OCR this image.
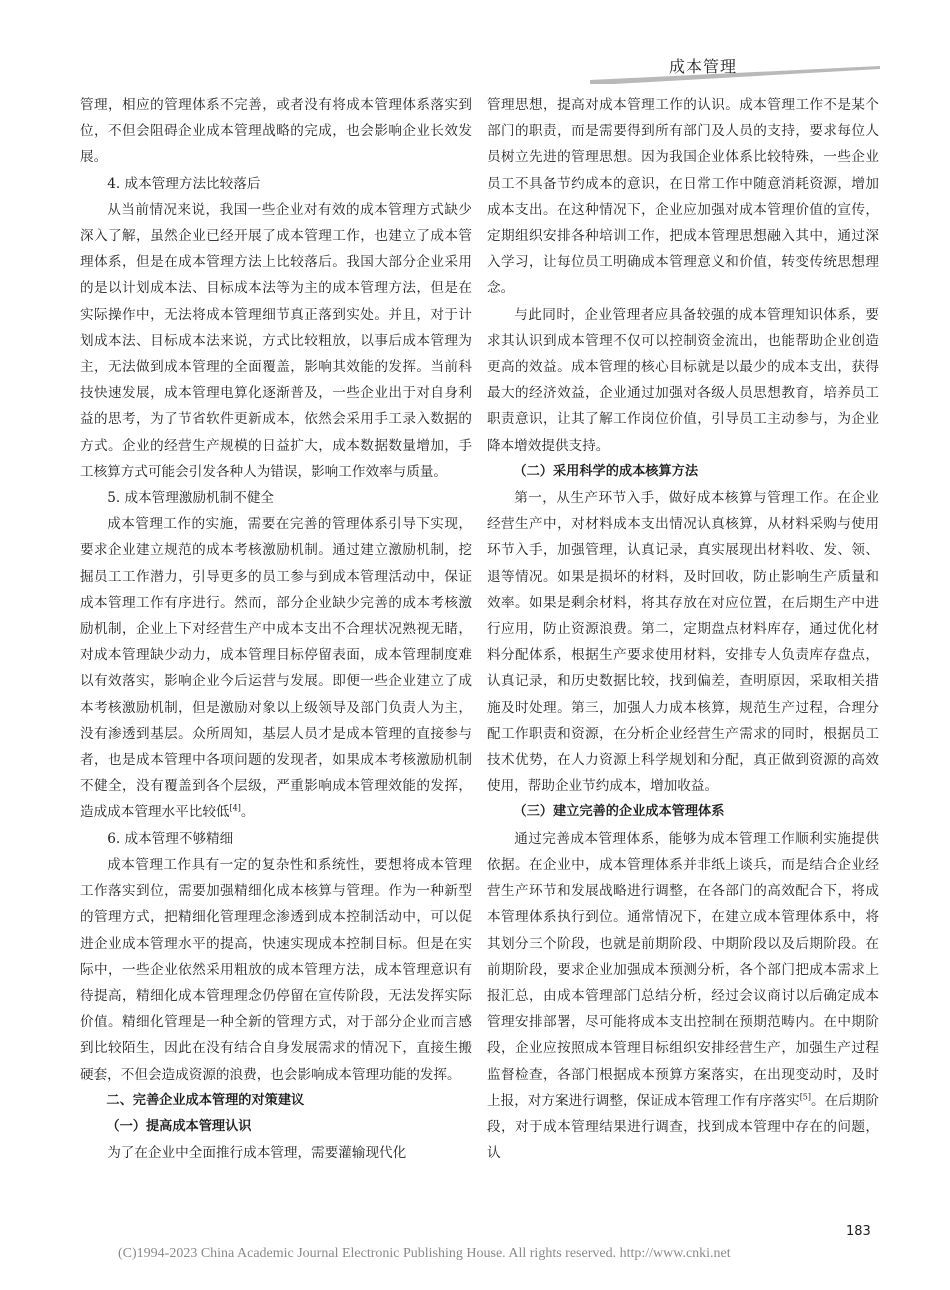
成本管理

管理，相应的管理体系不完善，或者没有将成本管理体系落实到位，不但会阻碍企业成本管理战略的完成，也会影响企业长效发展。

4. 成本管理方法比较落后

从当前情况来说，我国一些企业对有效的成本管理方式缺少深入了解，虽然企业已经开展了成本管理工作，也建立了成本管理体系，但是在成本管理方法上比较落后。我国大部分企业采用的是以计划成本法、目标成本法等为主的成本管理方法，但是在实际操作中，无法将成本管理细节真正落到实处。并且，对于计划成本法、目标成本法来说，方式比较粗放，以事后成本管理为主，无法做到成本管理的全面覆盖，影响其效能的发挥。当前科技快速发展，成本管理电算化逐渐普及，一些企业出于对自身利益的思考，为了节省软件更新成本，依然会采用手工录入数据的方式。企业的经营生产规模的日益扩大，成本数据数量增加，手工核算方式可能会引发各种人为错误，影响工作效率与质量。

5. 成本管理激励机制不健全

成本管理工作的实施，需要在完善的管理体系引导下实现，要求企业建立规范的成本考核激励机制。通过建立激励机制，挖掘员工工作潜力，引导更多的员工参与到成本管理活动中，保证成本管理工作有序进行。然而，部分企业缺少完善的成本考核激励机制，企业上下对经营生产中成本支出不合理状况熟视无睹，对成本管理缺少动力，成本管理目标停留表面，成本管理制度难以有效落实，影响企业今后运营与发展。即便一些企业建立了成本考核激励机制，但是激励对象以上级领导及部门负责人为主，没有渗透到基层。众所周知，基层人员才是成本管理的直接参与者，也是成本管理中各项问题的发现者，如果成本考核激励机制不健全，没有覆盖到各个层级，严重影响成本管理效能的发挥，造成成本管理水平比较低[4]。

6. 成本管理不够精细

成本管理工作具有一定的复杂性和系统性，要想将成本管理工作落实到位，需要加强精细化成本核算与管理。作为一种新型的管理方式，把精细化管理理念渗透到成本控制活动中，可以促进企业成本管理水平的提高，快速实现成本控制目标。但是在实际中，一些企业依然采用粗放的成本管理方法，成本管理意识有待提高，精细化成本管理理念仍停留在宣传阶段，无法发挥实际价值。精细化管理是一种全新的管理方式，对于部分企业而言感到比较陌生，因此在没有结合自身发展需求的情况下，直接生搬硬套，不但会造成资源的浪费，也会影响成本管理功能的发挥。

二、完善企业成本管理的对策建议

（一）提高成本管理认识

为了在企业中全面推行成本管理，需要灌输现代化

管理思想，提高对成本管理工作的认识。成本管理工作不是某个部门的职责，而是需要得到所有部门及人员的支持，要求每位人员树立先进的管理思想。因为我国企业体系比较特殊，一些企业员工不具备节约成本的意识，在日常工作中随意消耗资源，增加成本支出。在这种情况下，企业应加强对成本管理价值的宣传，定期组织安排各种培训工作，把成本管理思想融入其中，通过深入学习，让每位员工明确成本管理意义和价值，转变传统思想理念。

与此同时，企业管理者应具备较强的成本管理知识体系，要求其认识到成本管理不仅可以控制资金流出，也能帮助企业创造更高的效益。成本管理的核心目标就是以最少的成本支出，获得最大的经济效益，企业通过加强对各级人员思想教育，培养员工职责意识，让其了解工作岗位价值，引导员工主动参与，为企业降本增效提供支持。

（二）采用科学的成本核算方法

第一，从生产环节入手，做好成本核算与管理工作。在企业经营生产中，对材料成本支出情况认真核算，从材料采购与使用环节入手，加强管理，认真记录，真实展现出材料收、发、领、退等情况。如果是损坏的材料，及时回收，防止影响生产质量和效率。如果是剩余材料，将其存放在对应位置，在后期生产中进行应用，防止资源浪费。第二，定期盘点材料库存，通过优化材料分配体系，根据生产要求使用材料，安排专人负责库存盘点，认真记录，和历史数据比较，找到偏差，查明原因，采取相关措施及时处理。第三，加强人力成本核算，规范生产过程，合理分配工作职责和资源，在分析企业经营生产需求的同时，根据员工技术优势，在人力资源上科学规划和分配，真正做到资源的高效使用，帮助企业节约成本，增加收益。

（三）建立完善的企业成本管理体系

通过完善成本管理体系，能够为成本管理工作顺利实施提供依据。在企业中，成本管理体系并非纸上谈兵，而是结合企业经营生产环节和发展战略进行调整，在各部门的高效配合下，将成本管理体系执行到位。通常情况下，在建立成本管理体系中，将其划分三个阶段，也就是前期阶段、中期阶段以及后期阶段。在前期阶段，要求企业加强成本预测分析，各个部门把成本需求上报汇总，由成本管理部门总结分析，经过会议商讨以后确定成本管理安排部署，尽可能将成本支出控制在预期范畴内。在中期阶段，企业应按照成本管理目标组织安排经营生产，加强生产过程监督检查，各部门根据成本预算方案落实，在出现变动时，及时上报，对方案进行调整，保证成本管理工作有序落实[5]。在后期阶段，对于成本管理结果进行调查，找到成本管理中存在的问题，认

183
(C)1994-2023 China Academic Journal Electronic Publishing House. All rights reserved. http://www.cnki.net
